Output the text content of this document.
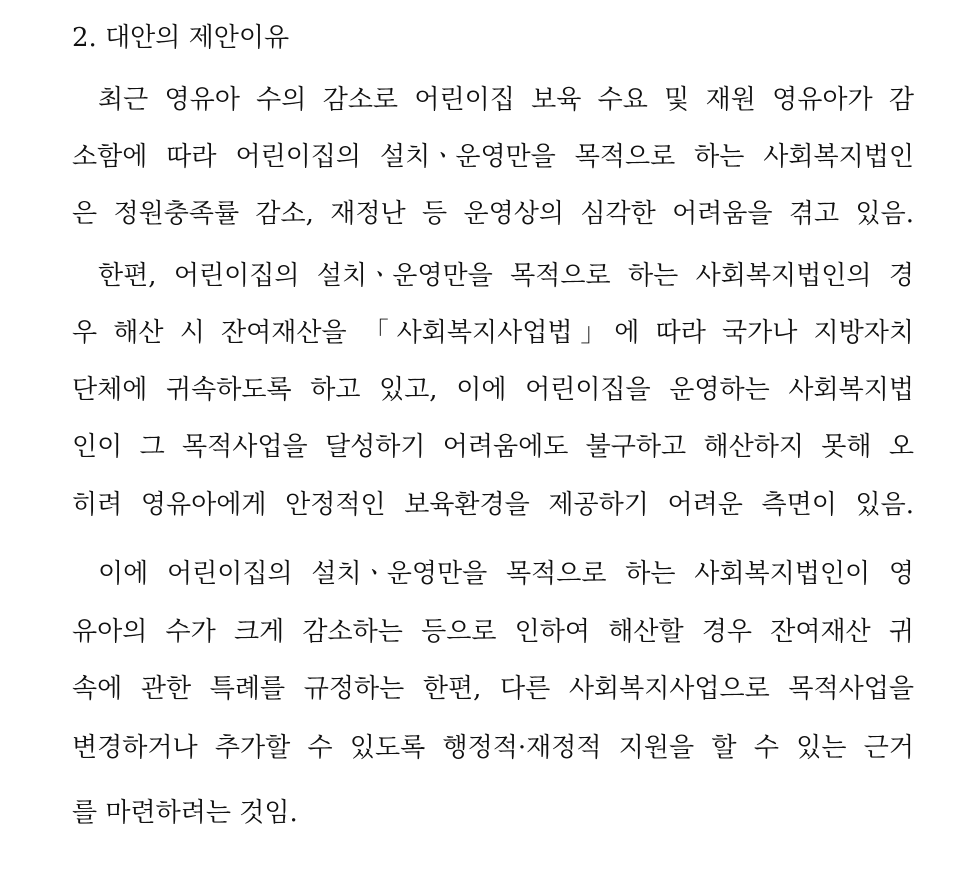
2. 대안의 제안이유
최근 영유아 수의 감소로 어린이집 보육 수요 및 재원 영유아가 감
소함에 따라 어린이집의 설치ㆍ운영만을 목적으로 하는 사회복지법인
은 정원충족률 감소, 재정난 등 운영상의 심각한 어려움을 겪고 있음.
한편, 어린이집의 설치ㆍ운영만을 목적으로 하는 사회복지법인의 경
우 해산 시 잔여재산을 「사회복지사업법」에 따라 국가나 지방자치
단체에 귀속하도록 하고 있고, 이에 어린이집을 운영하는 사회복지법
인이 그 목적사업을 달성하기 어려움에도 불구하고 해산하지 못해 오
히려 영유아에게 안정적인 보육환경을 제공하기 어려운 측면이 있음.
이에 어린이집의 설치ㆍ운영만을 목적으로 하는 사회복지법인이 영
유아의 수가 크게 감소하는 등으로 인하여 해산할 경우 잔여재산 귀
속에 관한 특례를 규정하는 한편, 다른 사회복지사업으로 목적사업을
변경하거나 추가할 수 있도록 행정적·재정적 지원을 할 수 있는 근거
를 마련하려는 것임.
